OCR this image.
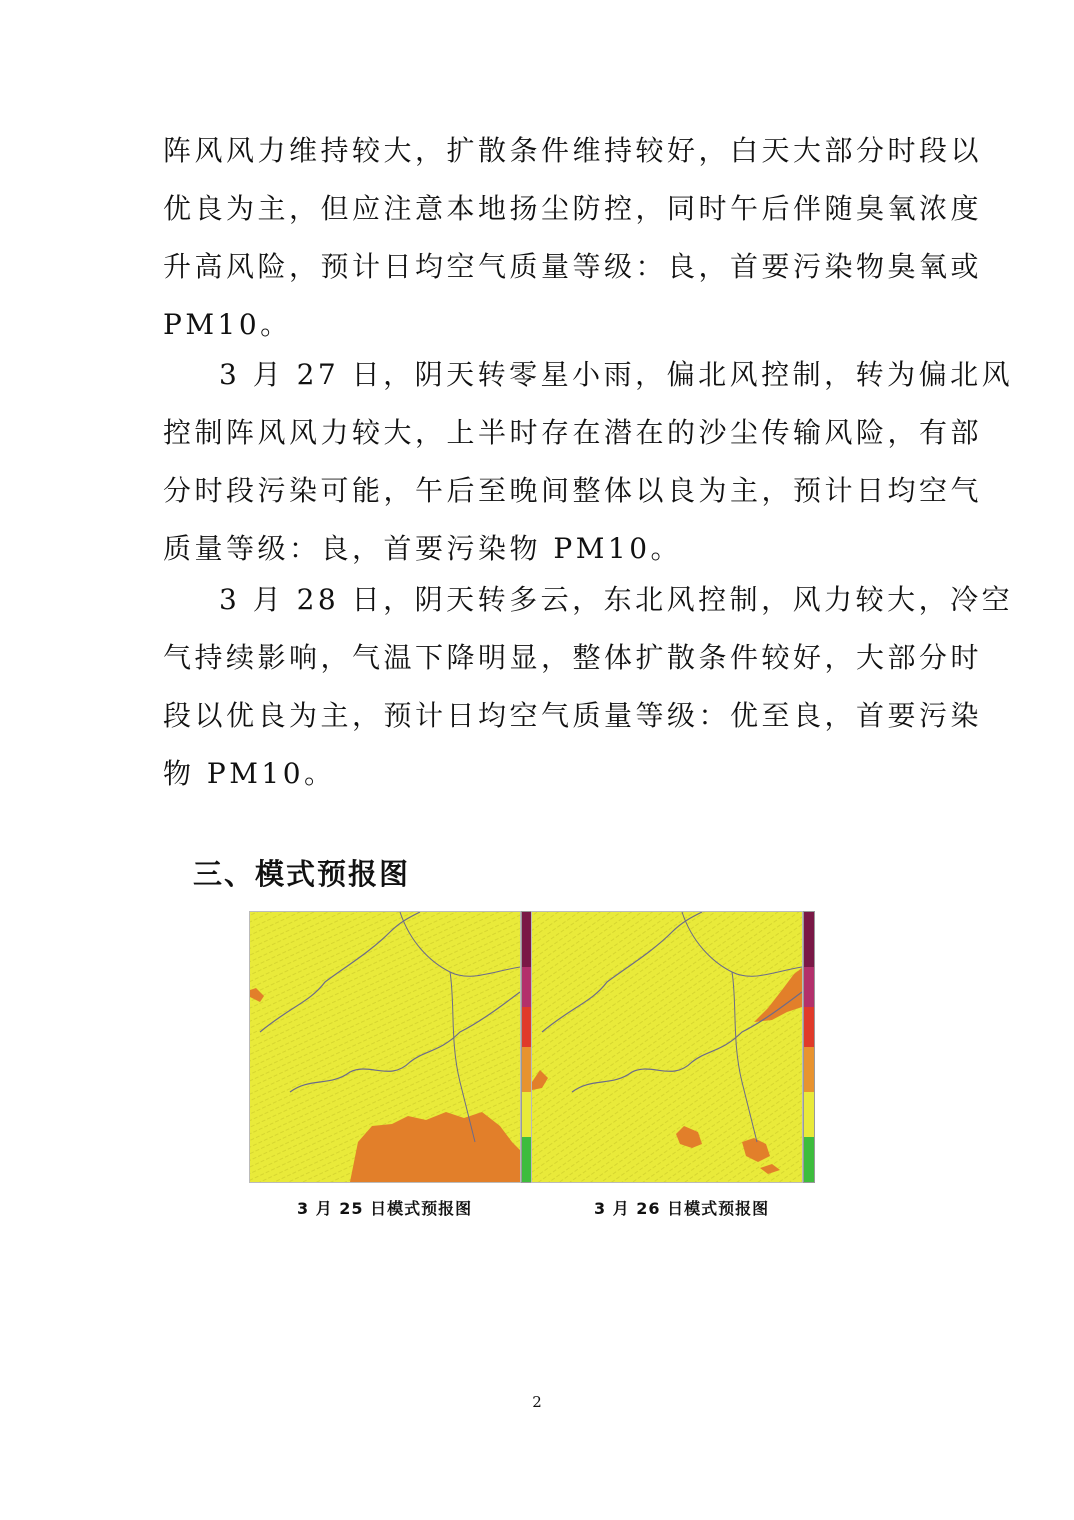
阵风风力维持较大，扩散条件维持较好，白天大部分时段以
优良为主，但应注意本地扬尘防控，同时午后伴随臭氧浓度
升高风险，预计日均空气质量等级：良，首要污染物臭氧或
PM10。
3 月 27 日，阴天转零星小雨，偏北风控制，转为偏北风
控制阵风风力较大，上半时存在潜在的沙尘传输风险，有部
分时段污染可能，午后至晚间整体以良为主，预计日均空气
质量等级：良，首要污染物 PM10。
3 月 28 日，阴天转多云，东北风控制，风力较大，冷空
气持续影响，气温下降明显，整体扩散条件较好，大部分时
段以优良为主，预计日均空气质量等级：优至良，首要污染
物 PM10。
三、模式预报图
3 月 25 日模式预报图	3 月 26 日模式预报图
2
